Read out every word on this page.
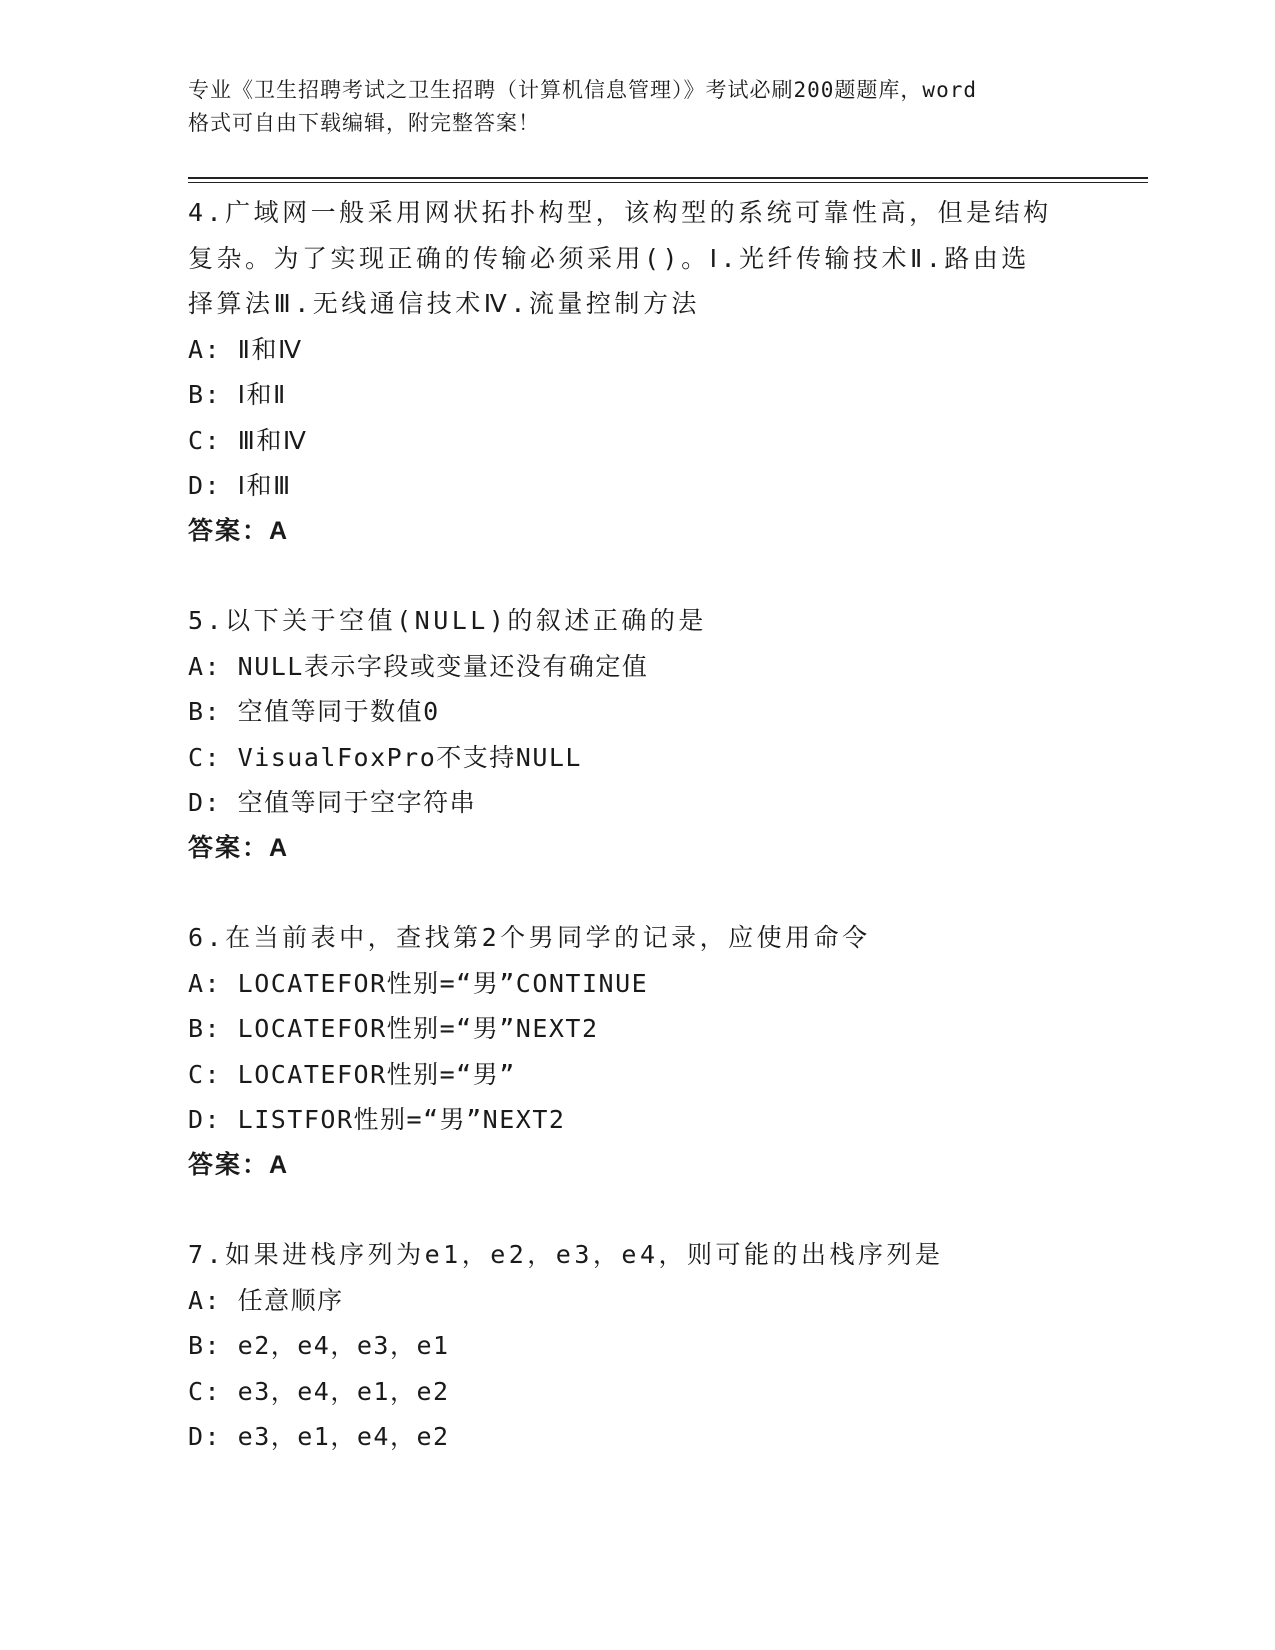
专业《卫生招聘考试之卫生招聘（计算机信息管理）》考试必刷200题题库，word
格式可自由下载编辑，附完整答案！

4.广域网一般采用网状拓扑构型，该构型的系统可靠性高，但是结构

复杂。为了实现正确的传输必须采用()。Ⅰ.光纤传输技术Ⅱ.路由选

择算法Ⅲ.无线通信技术Ⅳ.流量控制方法

A: Ⅱ和Ⅳ

B: Ⅰ和Ⅱ

C: Ⅲ和Ⅳ

D: Ⅰ和Ⅲ

答案：A

5.以下关于空值(NULL)的叙述正确的是

A: NULL表示字段或变量还没有确定值

B: 空值等同于数值0

C: VisualFoxPro不支持NULL

D: 空值等同于空字符串

答案：A

6.在当前表中，查找第2个男同学的记录，应使用命令

A: LOCATEFOR性别=“男”CONTINUE

B: LOCATEFOR性别=“男”NEXT2

C: LOCATEFOR性别=“男”

D: LISTFOR性别=“男”NEXT2

答案：A

7.如果进栈序列为e1，e2，e3，e4，则可能的出栈序列是

A: 任意顺序

B: e2，e4，e3，e1

C: e3，e4，e1，e2

D: e3，e1，e4，e2
